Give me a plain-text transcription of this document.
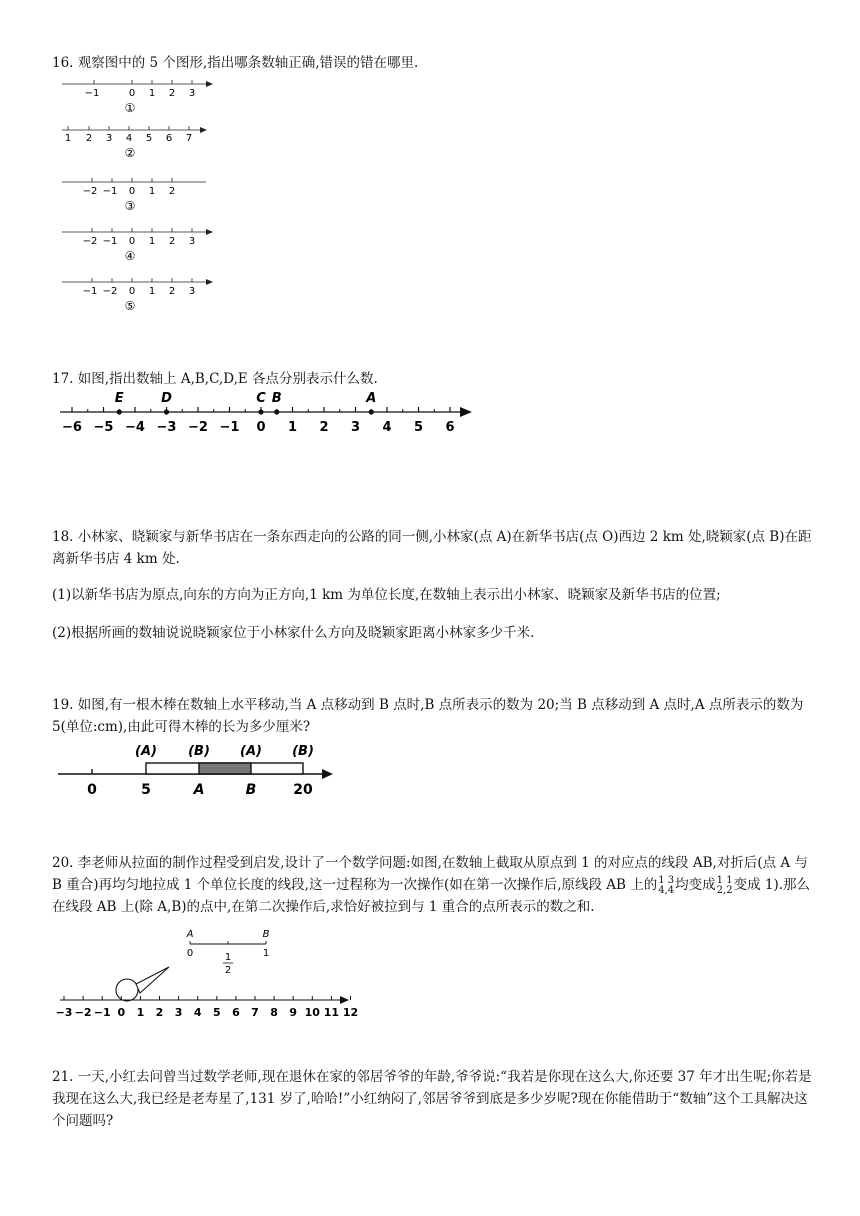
16. 观察图中的 5 个图形,指出哪条数轴正确,错误的错在哪里.
−1	0 1 2 3
①
1 2 3 4 5 6 7
②
−2 −1 0 1 2
③
−2 −1 0 1 2 3
④
−1 −2 0 1 2 3
⑤
17. 如图,指出数轴上 A,B,C,D,E 各点分别表示什么数.
−6 −5 −4 −3 −2 −1 0 1 2 3 4 5 6
E	D	C B	A
18. 小林家、晓颖家与新华书店在一条东西走向的公路的同一侧,小林家(点 A)在新华书店(点 O)西边 2 km 处,晓颖家(点 B)在距离新华书店 4 km 处.
(1)以新华书店为原点,向东的方向为正方向,1 km 为单位长度,在数轴上表示出小林家、晓颖家及新华书店的位置;
(2)根据所画的数轴说说晓颖家位于小林家什么方向及晓颖家距离小林家多少千米.
19. 如图,有一根木棒在数轴上水平移动,当 A 点移动到 B 点时,B 点所表示的数为 20;当 B 点移动到 A 点时,A 点所表示的数为 5(单位:cm),由此可得木棒的长为多少厘米?
(A) (B) (A) (B)
0	5	A	B	20
20. 李老师从拉面的制作过程受到启发,设计了一个数学问题:如图,在数轴上截取从原点到 1 的对应点的线段 AB,对折后(点 A 与 B 重合)再均匀地拉成 1 个单位长度的线段,这一过程称为一次操作(如在第一次操作后,原线段 AB 上的1 3
4,4均变成1 1
2,2变成 1).那么在线段 AB 上(除 A,B)的点中,在第二次操作后,求恰好被拉到与 1 重合的点所表示的数之和.
A	B
0	1
2
1
−3 −2 −1 0 1 2 3 4 5 6 7 8 9 10 11 12
21. 一天,小红去问曾当过数学老师,现在退休在家的邻居爷爷的年龄,爷爷说:“我若是你现在这么大,你还要 37 年才出生呢;你若是我现在这么大,我已经是老寿星了,131 岁了,哈哈!”小红纳闷了,邻居爷爷到底是多少岁呢?现在你能借助于“数轴”这个工具解决这个问题吗?
